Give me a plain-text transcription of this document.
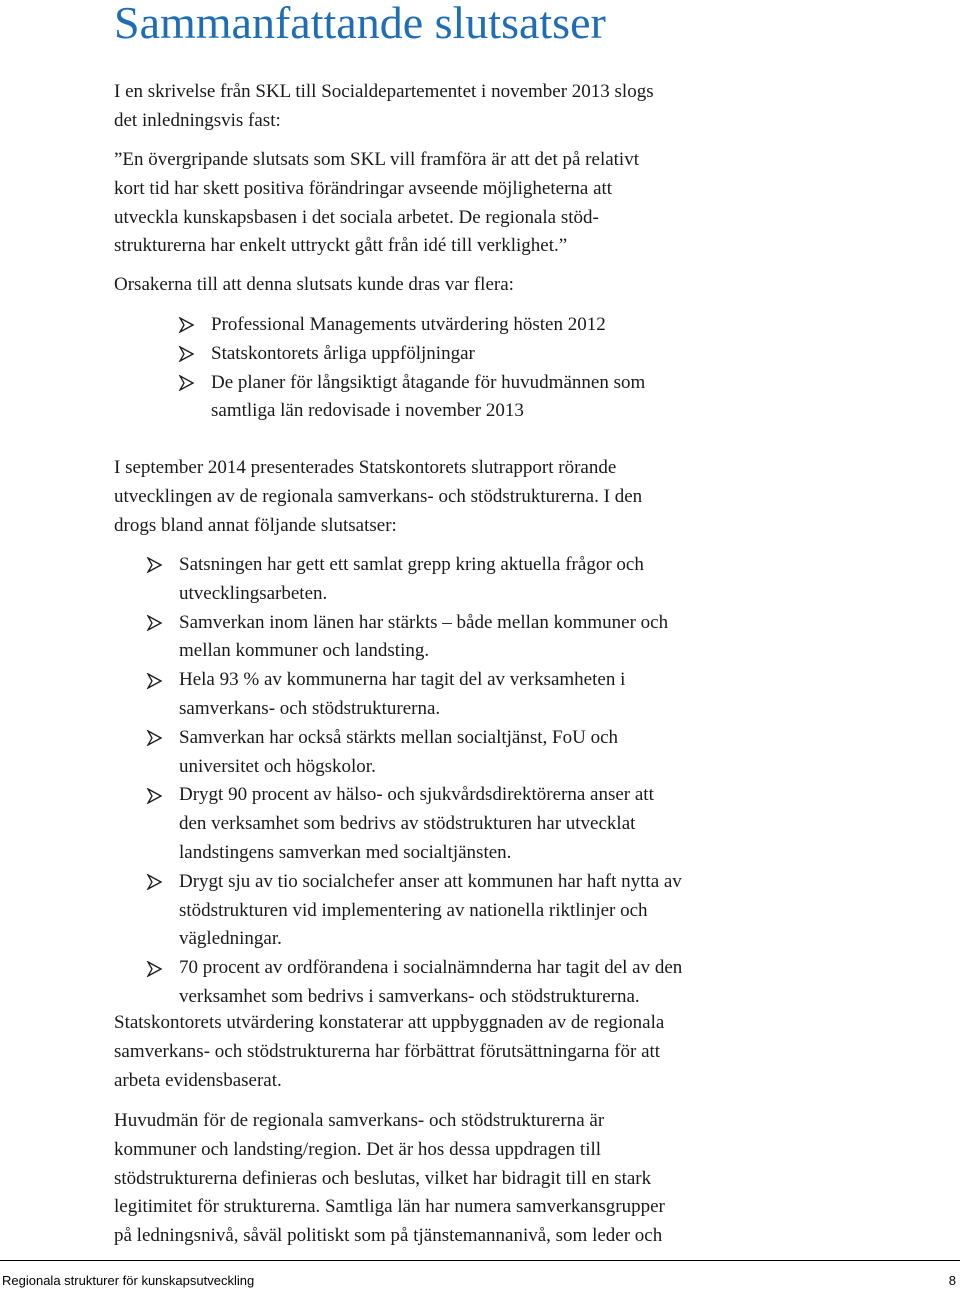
Sammanfattande slutsatser
I en skrivelse från SKL till Socialdepartementet i november 2013 slogs
det inledningsvis fast:
”En övergripande slutsats som SKL vill framföra är att det på relativt
kort tid har skett positiva förändringar avseende möjligheterna att
utveckla kunskapsbasen i det sociala arbetet. De regionala stöd-
strukturerna har enkelt uttryckt gått från idé till verklighet.”

Orsakerna till att denna slutsats kunde dras var flera:

Professional Managements utvärdering hösten 2012
Statskontorets årliga uppföljningar
De planer för långsiktigt åtagande för huvudmännen som
samtliga län redovisade i november 2013
I september 2014 presenterades Statskontorets slutrapport rörande
utvecklingen av de regionala samverkans- och stödstrukturerna. I den
drogs bland annat följande slutsatser:
Satsningen har gett ett samlat grepp kring aktuella frågor och
utvecklingsarbeten.
Samverkan inom länen har stärkts – både mellan kommuner och
mellan kommuner och landsting.
Hela 93 % av kommunerna har tagit del av verksamheten i
samverkans- och stödstrukturerna.
Samverkan har också stärkts mellan socialtjänst, FoU och
universitet och högskolor.
Drygt 90 procent av hälso- och sjukvårdsdirektörerna anser att
den verksamhet som bedrivs av stödstrukturen har utvecklat
landstingens samverkan med socialtjänsten.
Drygt sju av tio socialchefer anser att kommunen har haft nytta av
stödstrukturen vid implementering av nationella riktlinjer och
vägledningar.
70 procent av ordförandena i socialnämnderna har tagit del av den
verksamhet som bedrivs i samverkans- och stödstrukturerna.
Statskontorets utvärdering konstaterar att uppbyggnaden av de regionala
samverkans- och stödstrukturerna har förbättrat förutsättningarna för att
arbeta evidensbaserat.
Huvudmän för de regionala samverkans- och stödstrukturerna är
kommuner och landsting/region. Det är hos dessa uppdragen till
stödstrukturerna definieras och beslutas, vilket har bidragit till en stark
legitimitet för strukturerna. Samtliga län har numera samverkansgrupper
på ledningsnivå, såväl politiskt som på tjänstemannanivå, som leder och
Regionala strukturer för kunskapsutveckling	8
